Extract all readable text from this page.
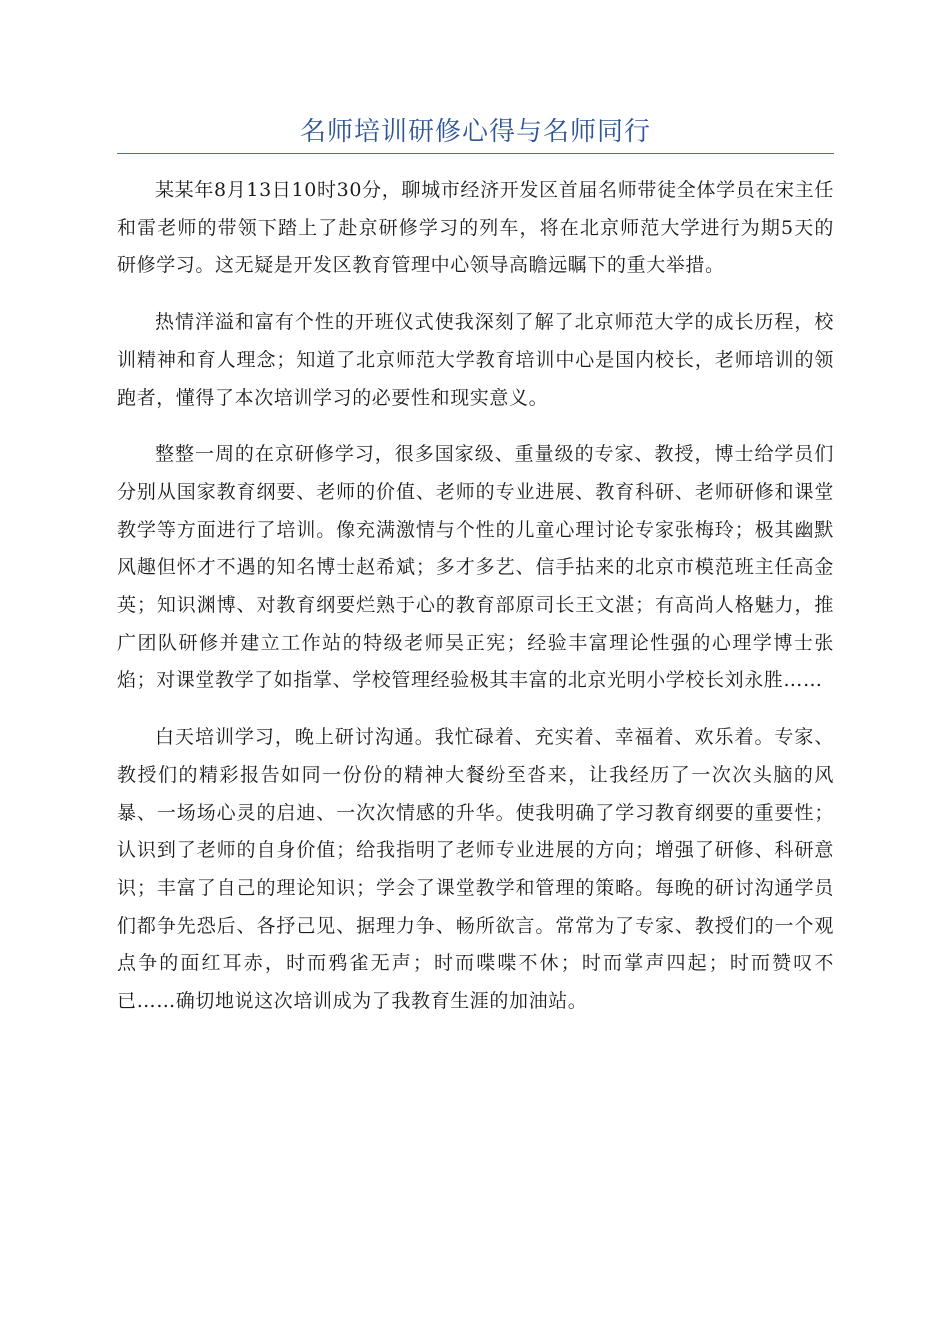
名师培训研修心得与名师同行

某某年8月13日10时30分，聊城市经济开发区首届名师带徒全体学员在宋主任和雷老师的带领下踏上了赴京研修学习的列车，将在北京师范大学进行为期5天的研修学习。这无疑是开发区教育管理中心领导高瞻远瞩下的重大举措。

热情洋溢和富有个性的开班仪式使我深刻了解了北京师范大学的成长历程，校训精神和育人理念；知道了北京师范大学教育培训中心是国内校长，老师培训的领跑者，懂得了本次培训学习的必要性和现实意义。

整整一周的在京研修学习，很多国家级、重量级的专家、教授，博士给学员们分别从国家教育纲要、老师的价值、老师的专业进展、教育科研、老师研修和课堂教学等方面进行了培训。像充满激情与个性的儿童心理讨论专家张梅玲；极其幽默风趣但怀才不遇的知名博士赵希斌；多才多艺、信手拈来的北京市模范班主任高金英；知识渊博、对教育纲要烂熟于心的教育部原司长王文湛；有高尚人格魅力，推广团队研修并建立工作站的特级老师吴正宪；经验丰富理论性强的心理学博士张焰；对课堂教学了如指掌、学校管理经验极其丰富的北京光明小学校长刘永胜……

白天培训学习，晚上研讨沟通。我忙碌着、充实着、幸福着、欢乐着。专家、教授们的精彩报告如同一份份的精神大餐纷至沓来，让我经历了一次次头脑的风暴、一场场心灵的启迪、一次次情感的升华。使我明确了学习教育纲要的重要性；认识到了老师的自身价值；给我指明了老师专业进展的方向；增强了研修、科研意识；丰富了自己的理论知识；学会了课堂教学和管理的策略。每晚的研讨沟通学员们都争先恐后、各抒己见、据理力争、畅所欲言。常常为了专家、教授们的一个观点争的面红耳赤，时而鸦雀无声；时而喋喋不休；时而掌声四起；时而赞叹不已……确切地说这次培训成为了我教育生涯的加油站。
